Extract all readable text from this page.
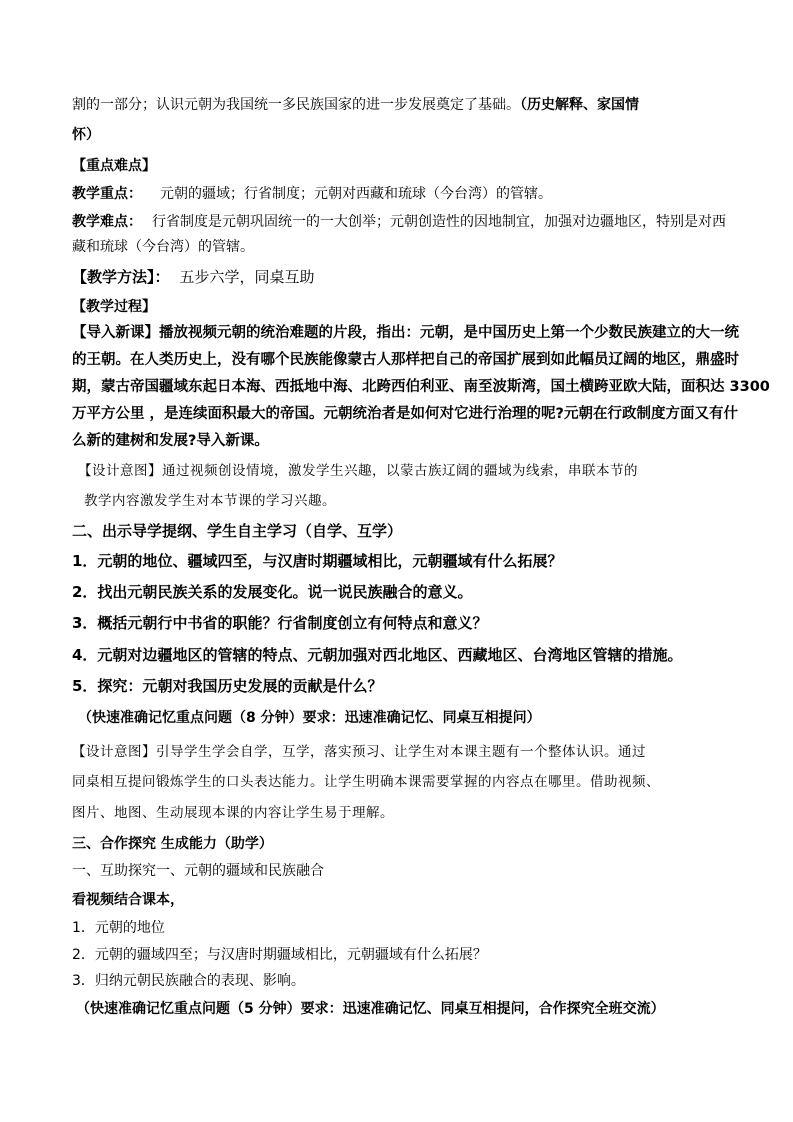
割的一部分；认识元朝为我国统一多民族国家的进一步发展奠定了基础。（历史解释、家国情
怀）
【重点难点】
教学重点： 元朝的疆域；行省制度；元朝对西藏和琉球（今台湾）的管辖。
教学难点： 行省制度是元朝巩固统一的一大创举；元朝创造性的因地制宜，加强对边疆地区，特别是对西
藏和琉球（今台湾）的管辖。
【教学方法】： 五步六学，同桌互助
【教学过程】
【导入新课】播放视频元朝的统治难题的片段，指出：元朝，是中国历史上第一个少数民族建立的大一统
的王朝。在人类历史上，没有哪个民族能像蒙古人那样把自己的帝国扩展到如此幅员辽阔的地区，鼎盛时
期，蒙古帝国疆域东起日本海、西抵地中海、北跨西伯利亚、南至波斯湾，国土横跨亚欧大陆，面积达 3300
万平方公里 ，是连续面积最大的帝国。元朝统治者是如何对它进行治理的呢?元朝在行政制度方面又有什
么新的建树和发展?导入新课。
【设计意图】通过视频创设情境，激发学生兴趣，以蒙古族辽阔的疆域为线索，串联本节的
教学内容激发学生对本节课的学习兴趣。
二、出示导学提纲、学生自主学习（自学、互学）
1．元朝的地位、疆域四至，与汉唐时期疆域相比，元朝疆域有什么拓展？
2．找出元朝民族关系的发展变化。说一说民族融合的意义。
3．概括元朝行中书省的职能？行省制度创立有何特点和意义？
4．元朝对边疆地区的管辖的特点、元朝加强对西北地区、西藏地区、台湾地区管辖的措施。
5．探究：元朝对我国历史发展的贡献是什么？
（快速准确记忆重点问题（8 分钟）要求：迅速准确记忆、同桌互相提问）
【设计意图】引导学生学会自学，互学，落实预习、让学生对本课主题有一个整体认识。通过
同桌相互提问锻炼学生的口头表达能力。让学生明确本课需要掌握的内容点在哪里。借助视频、
图片、地图、生动展现本课的内容让学生易于理解。
三、合作探究 生成能力（助学）
一、互助探究一、元朝的疆域和民族融合
看视频结合课本，
1．元朝的地位
2．元朝的疆域四至；与汉唐时期疆域相比，元朝疆域有什么拓展？
3．归纳元朝民族融合的表现、影响。
（快速准确记忆重点问题（5 分钟）要求：迅速准确记忆、同桌互相提问，合作探究全班交流）
